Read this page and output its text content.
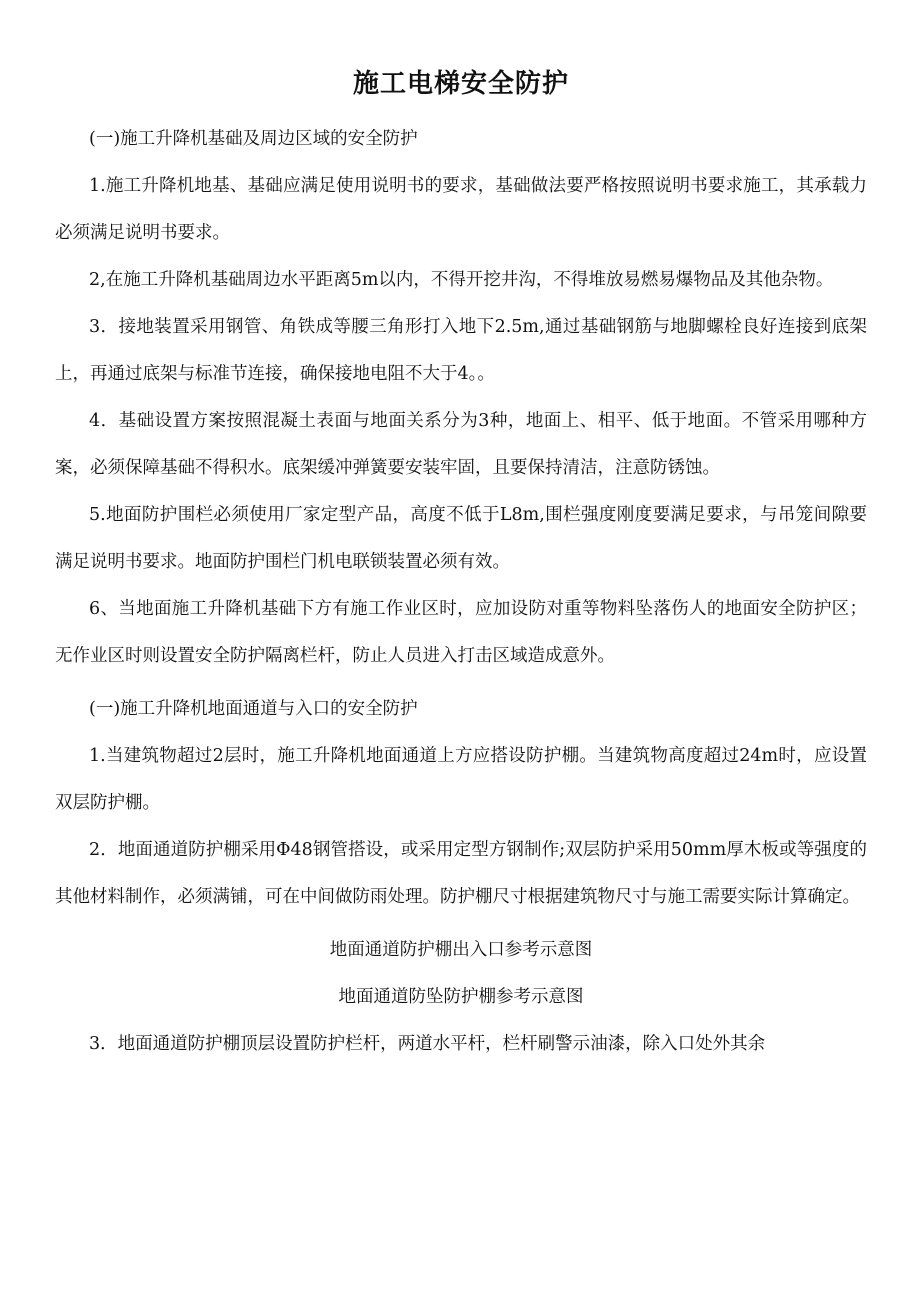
施工电梯安全防护
(一)施工升降机基础及周边区域的安全防护

1.施工升降机地基、基础应满足使用说明书的要求，基础做法要严格按照说明书要求施工，其承载力必须满足说明书要求。

2,在施工升降机基础周边水平距离5m以内，不得开挖井沟，不得堆放易燃易爆物品及其他杂物。

3．接地装置采用钢管、角铁成等腰三角形打入地下2.5m,通过基础钢筋与地脚螺栓良好连接到底架上，再通过底架与标准节连接，确保接地电阻不大于4。。

4．基础设置方案按照混凝土表面与地面关系分为3种，地面上、相平、低于地面。不管采用哪种方案，必须保障基础不得积水。底架缓冲弹簧要安装牢固，且要保持清洁，注意防锈蚀。

5.地面防护围栏必须使用厂家定型产品，高度不低于L8m,围栏强度刚度要满足要求，与吊笼间隙要满足说明书要求。地面防护围栏门机电联锁装置必须有效。

6、当地面施工升降机基础下方有施工作业区时，应加设防对重等物料坠落伤人的地面安全防护区；无作业区时则设置安全防护隔离栏杆，防止人员进入打击区域造成意外。

(一)施工升降机地面通道与入口的安全防护

1.当建筑物超过2层时，施工升降机地面通道上方应搭设防护棚。当建筑物高度超过24m时，应设置双层防护棚。

2．地面通道防护棚采用Φ48钢管搭设，或采用定型方钢制作;双层防护采用50mm厚木板或等强度的其他材料制作，必须满铺，可在中间做防雨处理。防护棚尺寸根据建筑物尺寸与施工需要实际计算确定。

地面通道防护棚出入口参考示意图
地面通道防坠防护棚参考示意图

3．地面通道防护棚顶层设置防护栏杆，两道水平杆，栏杆刷警示油漆，除入口处外其余
